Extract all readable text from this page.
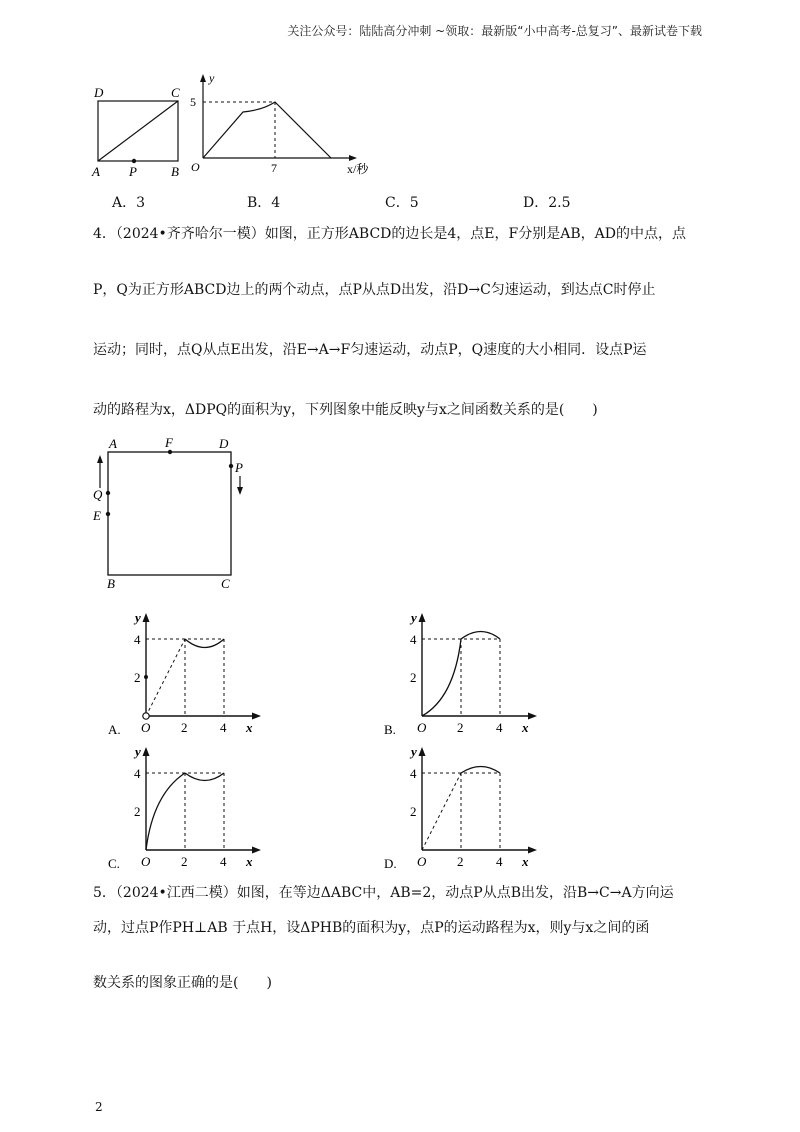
关注公众号：陆陆高分冲刺 ~领取：最新版“小中高考-总复习”、最新试卷下载
D	C
A P	B
y
5
O	7	x/秒
A．3	B．4	C．5	D．2.5
4．（2024•齐齐哈尔一模）如图，正方形ABCD的边长是4，点E，F分别是AB，AD的中点，点
P，Q为正方形ABCD边上的两个动点，点P从点D出发，沿D→C匀速运动，到达点C时停止
运动；同时，点Q从点E出发，沿E→A→F匀速运动，动点P，Q速度的大小相同．设点P运
动的路程为x，ΔDPQ的面积为y，下列图象中能反映y与x之间函数关系的是(　　)
A	F	D
P
Q
E
B	C
y
4
2
O 2	4 x
A.
y
4
2
O 2	4 x
B.
y
4
2
O 2	4 x
C.
y
4
2
O 2	4 x
D.
5．（2024•江西二模）如图，在等边ΔABC中，AB=2，动点P从点B出发，沿B→C→A方向运
动，过点P作PH⊥AB 于点H，设ΔPHB的面积为y，点P的运动路程为x，则y与x之间的函
数关系的图象正确的是(　　)
2
